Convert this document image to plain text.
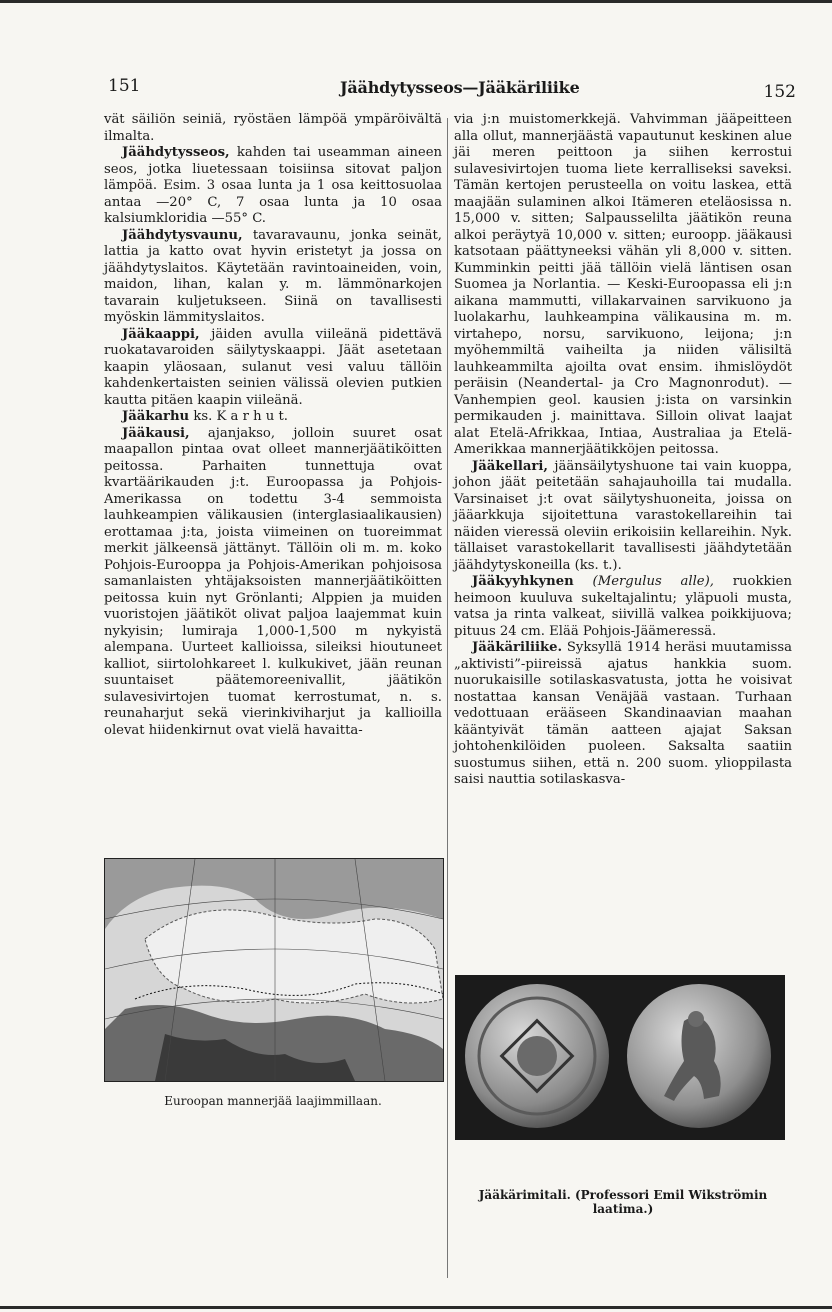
151	Jäähdytysseos—Jääkäriliike	152

vät säiliön seiniä, ryöstäen lämpöä ympäröivältä ilmalta.

Jäähdytysseos, kahden tai useamman aineen seos, jotka liuetessaan toisiinsa sitovat paljon lämpöä. Esim. 3 osaa lunta ja 1 osa keittosuolaa antaa —20° C, 7 osaa lunta ja 10 osaa kalsiumkloridia —55° C.

Jäähdytysvaunu, tavaravaunu, jonka seinät, lattia ja katto ovat hyvin eristetyt ja jossa on jäähdytyslaitos. Käytetään ravintoaineiden, voin, maidon, lihan, kalan y. m. lämmönarkojen tavarain kuljetukseen. Siinä on tavallisesti myöskin lämmityslaitos.

Jääkaappi, jäiden avulla viileänä pidettävä ruokatavaroiden säilytyskaappi. Jäät asetetaan kaapin yläosaan, sulanut vesi valuu tällöin kahdenkertaisten seinien välissä olevien putkien kautta pitäen kaapin viileänä.

Jääkarhu ks. K a r h u t.

Jääkausi, ajanjakso, jolloin suuret osat maapallon pintaa ovat olleet mannerjäätiköitten peitossa. Parhaiten tunnettuja ovat kvartäärikauden j:t. Euroopassa ja Pohjois-Amerikassa on todettu 3-4 semmoista lauhkeampien välikausien (interglasiaalikausien) erottamaa j:ta, joista viimeinen on tuoreimmat merkit jälkeensä jättänyt. Tällöin oli m. m. koko Pohjois-Eurooppa ja Pohjois-Amerikan pohjoisosa samanlaisten yhtäjaksoisten mannerjäätiköitten peitossa kuin nyt Grönlanti; Alppien ja muiden vuoristojen jäätiköt olivat paljoa laajemmat kuin nykyisin; lumiraja 1,000-1,500 m nykyistä alempana. Uurteet kallioissa, sileiksi hioutuneet kalliot, siirtolohkareet l. kulkukivet, jään reunan suuntaiset päätemoreenivallit, jäätikön sulavesivirtojen tuomat kerrostumat, n. s. reunaharjut sekä vierinkiviharjut ja kallioilla olevat hiidenkirnut ovat vielä havaitta-

via j:n muistomerkkejä. Vahvimman jääpeitteen alla ollut, mannerjäästä vapautunut keskinen alue jäi meren peittoon ja siihen kerrostui sulavesivirtojen tuoma liete kerralliseksi saveksi. Tämän kertojen perusteella on voitu laskea, että maajään sulaminen alkoi Itämeren eteläosissa n. 15,000 v. sitten; Salpausselilta jäätikön reuna alkoi peräytyä 10,000 v. sitten; euroopp. jääkausi katsotaan päättyneeksi vähän yli 8,000 v. sitten. Kumminkin peitti jää tällöin vielä läntisen osan Suomea ja Norlantia. — Keski-Euroopassa eli j:n aikana mammutti, villakarvainen sarvikuono ja luolakarhu, lauhkeampina välikausina m. m. virtahepo, norsu, sarvikuono, leijona; j:n myöhemmiltä vaiheilta ja niiden välisiltä lauhkeammilta ajoilta ovat ensim. ihmislöydöt peräisin (Neandertal- ja Cro Magnonrodut). — Vanhempien geol. kausien j:ista on varsinkin permikauden j. mainittava. Silloin olivat laajat alat Etelä-Afrikkaa, Intiaa, Australiaa ja Etelä-Amerikkaa mannerjäätikköjen peitossa.

Jääkellari, jäänsäilytyshuone tai vain kuoppa, johon jäät peitetään sahajauhoilla tai mudalla. Varsinaiset j:t ovat säilytyshuoneita, joissa on jääarkkuja sijoitettuna varastokellareihin tai näiden vieressä oleviin erikoisiin kellareihin. Nyk. tällaiset varastokellarit tavallisesti jäähdytetään jäähdytyskoneilla (ks. t.).

Jääkyyhkynen (Mergulus alle), ruokkien heimoon kuuluva sukeltajalintu; yläpuoli musta, vatsa ja rinta valkeat, siivillä valkea poikkijuova; pituus 24 cm. Elää Pohjois-Jäämeressä.

Jääkäriliike. Syksyllä 1914 heräsi muutamissa „aktivisti”-piireissä ajatus hankkia suom. nuorukaisille sotilaskasvatusta, jotta he voisivat nostattaa kansan Venäjää vastaan. Turhaan vedottuaan erääseen Skandinaavian maahan kääntyivät tämän aatteen ajajat Saksan johtohenkilöiden puoleen. Saksalta saatiin suostumus siihen, että n. 200 suom. ylioppilasta saisi nauttia sotilaskasva-

Euroopan mannerjää laajimmillaan.
Jääkärimitali. (Professori Emil Wikströmin laatima.)
